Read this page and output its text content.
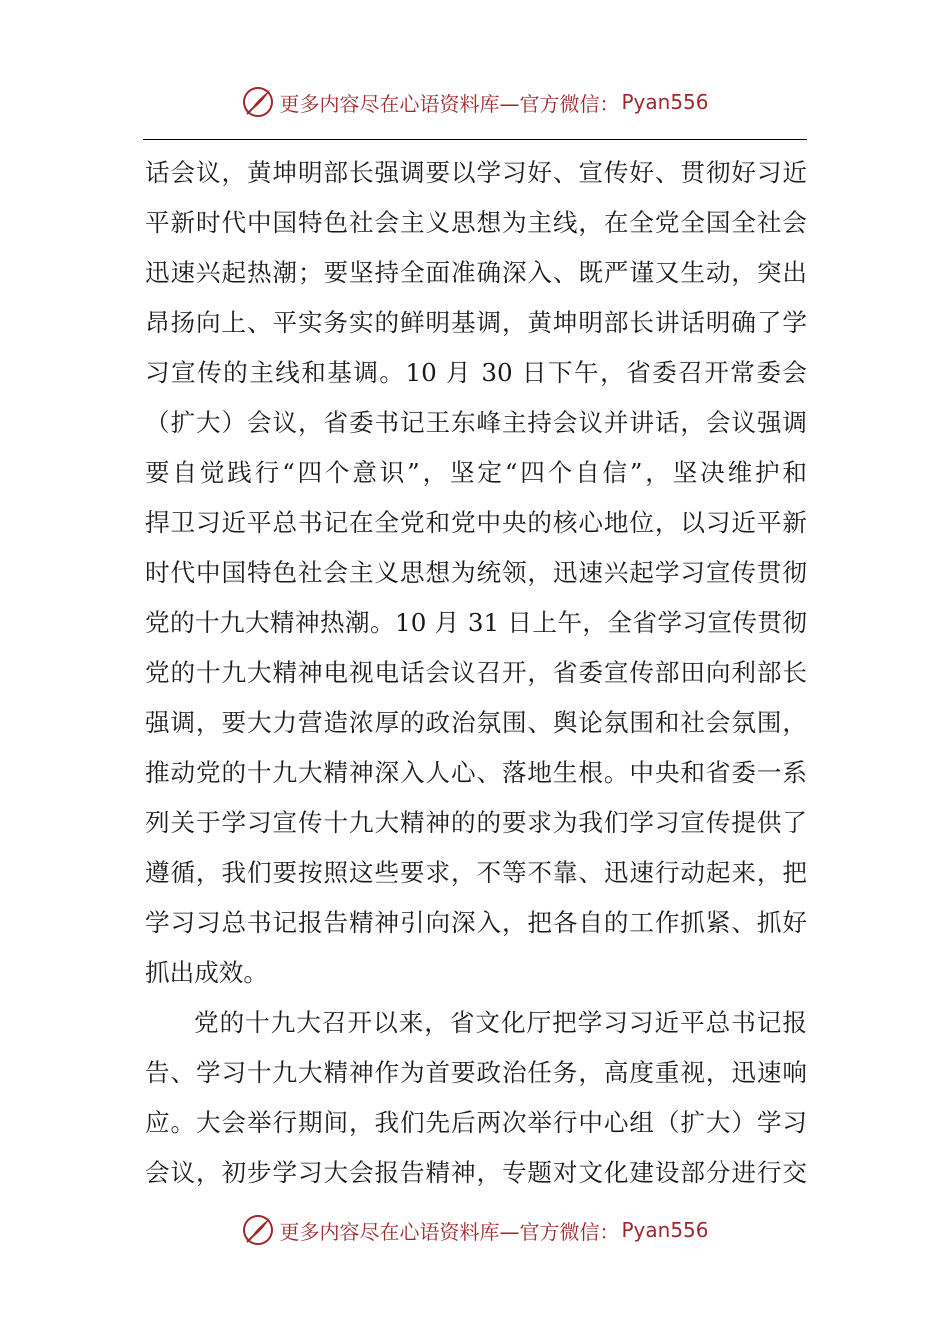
更多内容尽在心语资料库—官方微信： Pyan556
话会议，黄坤明部长强调要以学习好、宣传好、贯彻好习近
平新时代中国特色社会主义思想为主线，在全党全国全社会
迅速兴起热潮；要坚持全面准确深入、既严谨又生动，突出
昂扬向上、平实务实的鲜明基调，黄坤明部长讲话明确了学
习宣传的主线和基调。10 月 30 日下午，省委召开常委会
（扩大）会议，省委书记王东峰主持会议并讲话，会议强调
要自觉践行“四个意识”，坚定“四个自信”，坚决维护和
捍卫习近平总书记在全党和党中央的核心地位，以习近平新
时代中国特色社会主义思想为统领，迅速兴起学习宣传贯彻
党的十九大精神热潮。10 月 31 日上午，全省学习宣传贯彻
党的十九大精神电视电话会议召开，省委宣传部田向利部长
强调，要大力营造浓厚的政治氛围、舆论氛围和社会氛围，
推动党的十九大精神深入人心、落地生根。中央和省委一系
列关于学习宣传十九大精神的的要求为我们学习宣传提供了
遵循，我们要按照这些要求，不等不靠、迅速行动起来，把
学习习总书记报告精神引向深入，把各自的工作抓紧、抓好
抓出成效。
党的十九大召开以来，省文化厅把学习习近平总书记报
告、学习十九大精神作为首要政治任务，高度重视，迅速响
应。大会举行期间，我们先后两次举行中心组（扩大）学习
会议，初步学习大会报告精神，专题对文化建设部分进行交
更多内容尽在心语资料库—官方微信： Pyan556
